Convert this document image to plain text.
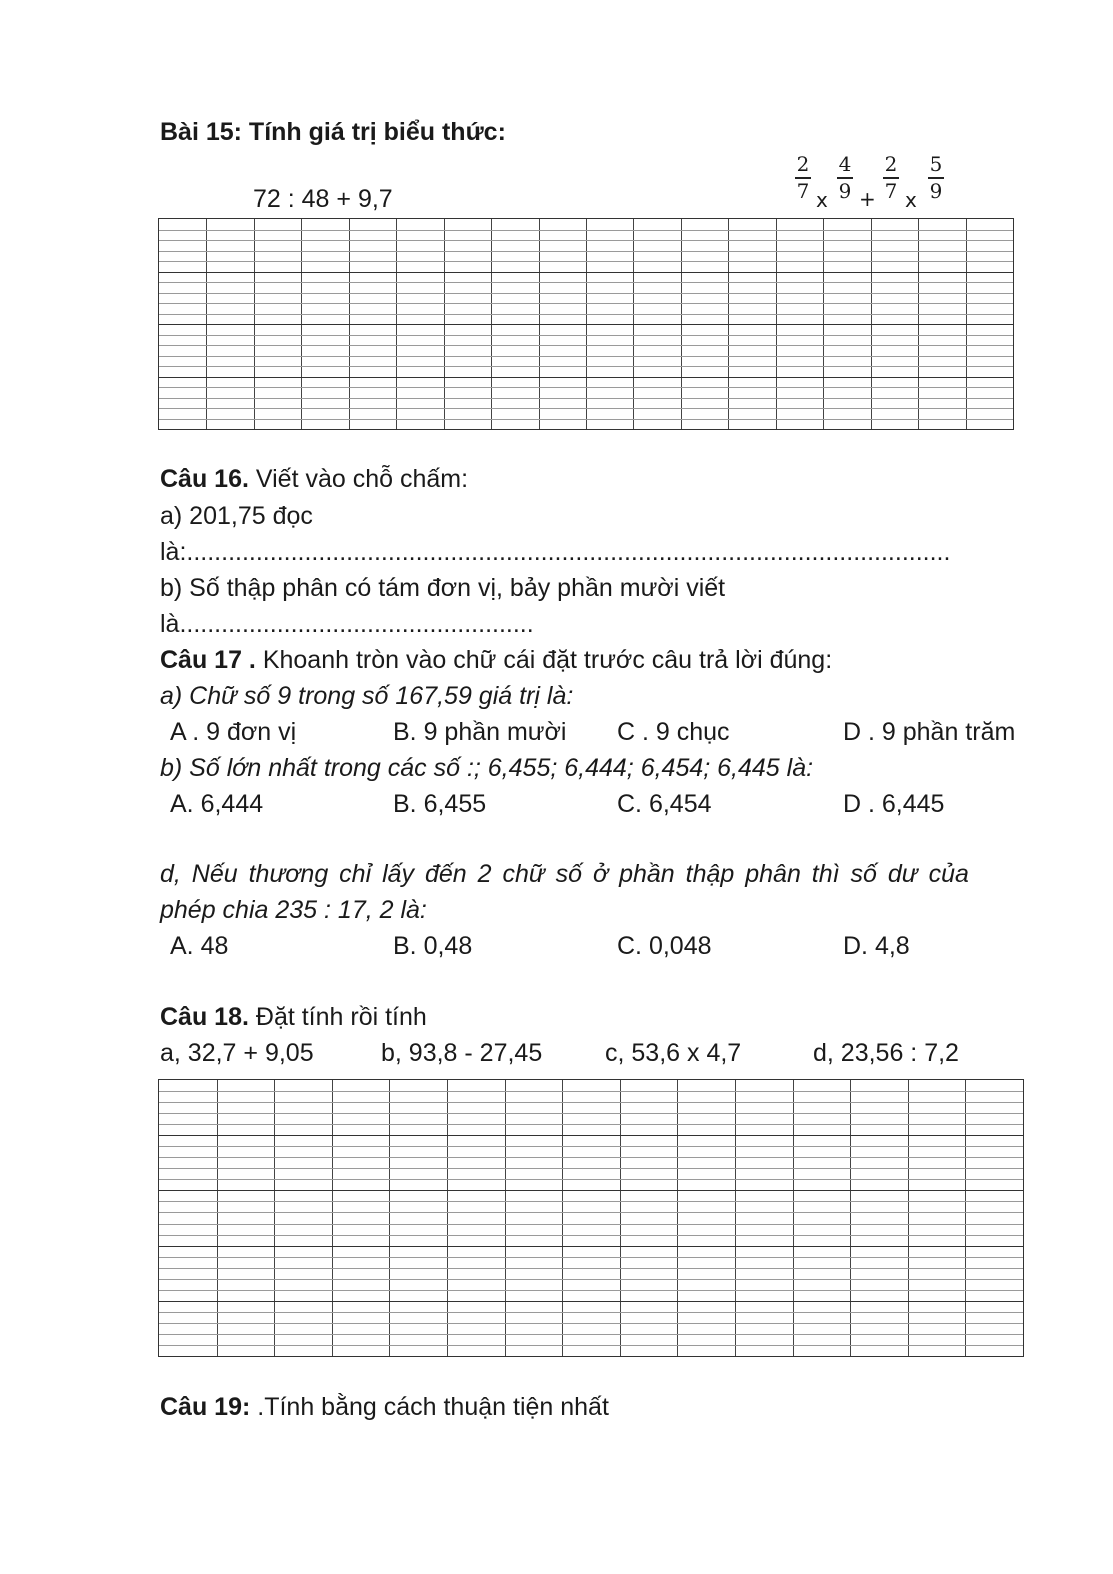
Bài 15: Tính giá trị biểu thức:
72 : 48 + 9,7
2
7 x
4
9 +
2
7 x
5
9
Câu 16. Viết vào chỗ chấm:
a) 201,75 đọc
là:..............................................................................................................
b) Số thập phân có tám đơn vị, bảy phần mười viết
là...................................................
Câu 17 . Khoanh tròn vào chữ cái đặt trước câu trả lời đúng:
a) Chữ số 9 trong số 167,59 giá trị là:
A . 9 đơn vị	B. 9 phần mười C . 9 chục	D . 9 phần trăm
b) Số lớn nhất trong các số :; 6,455; 6,444; 6,454; 6,445 là:
A. 6,444	B. 6,455	C. 6,454	D . 6,445
d, Nếu thương chỉ lấy đến 2 chữ số ở phần thập phân thì số dư của
phép chia 235 : 17, 2 là:
A. 48	B. 0,48	C. 0,048	D. 4,8
Câu 18. Đặt tính rồi tính
a, 32,7 + 9,05	b, 93,8 - 27,45	c, 53,6 x 4,7	d, 23,56 : 7,2
Câu 19: .Tính bằng cách thuận tiện nhất
